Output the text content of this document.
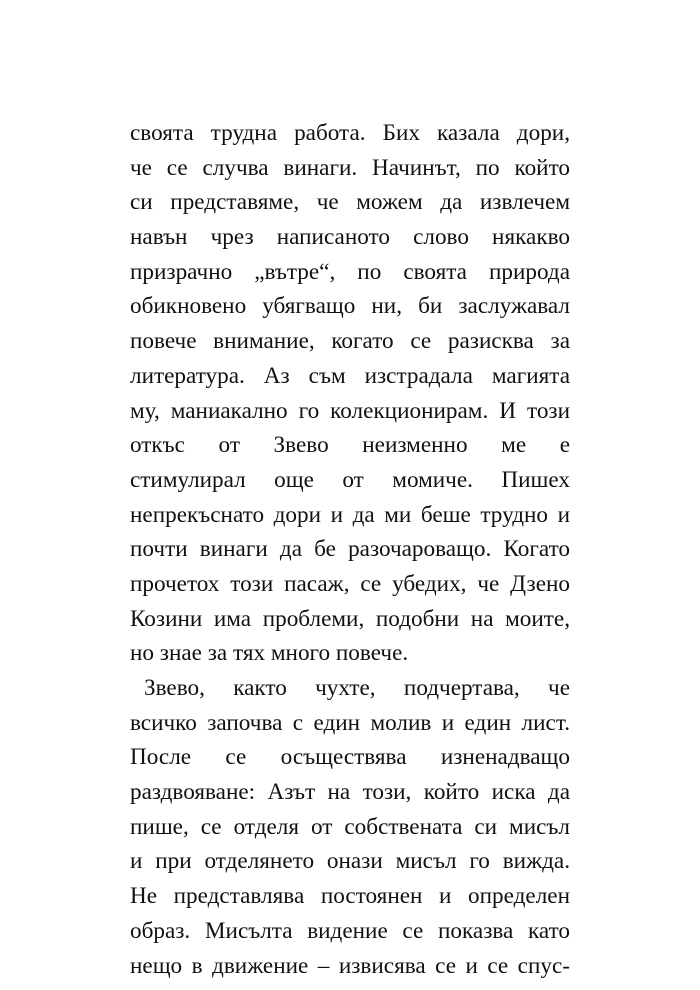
своята трудна работа. Бих казала дори,
че се случва винаги. Начинът, по който
си представяме, че можем да извлечем
навън чрез написаното слово някакво
призрачно „вътре“, по своята природа
обикновено убягващо ни, би заслужавал
повече внимание, когато се разисква за
литература. Аз съм изстрадала магията
му, маниакално го колекционирам. И този
откъс от Звево неизменно ме е
стимулирал още от момиче. Пишех
непрекъснато дори и да ми беше трудно и
почти винаги да бе разочароващо. Когато
прочетох този пасаж, се убедих, че Дзено
Козини има проблеми, подобни на моите,
но знае за тях много повече.
Звево, както чухте, подчертава, че
всичко започва с един молив и един лист.
После се осъществява изненадващо
раздвояване: Азът на този, който иска да
пише, се отделя от собствената си мисъл
и при отделянето онази мисъл го вижда.
Не представлява постоянен и определен
образ. Мисълта видение се показва като
нещо в движение – извисява се и се спус-
